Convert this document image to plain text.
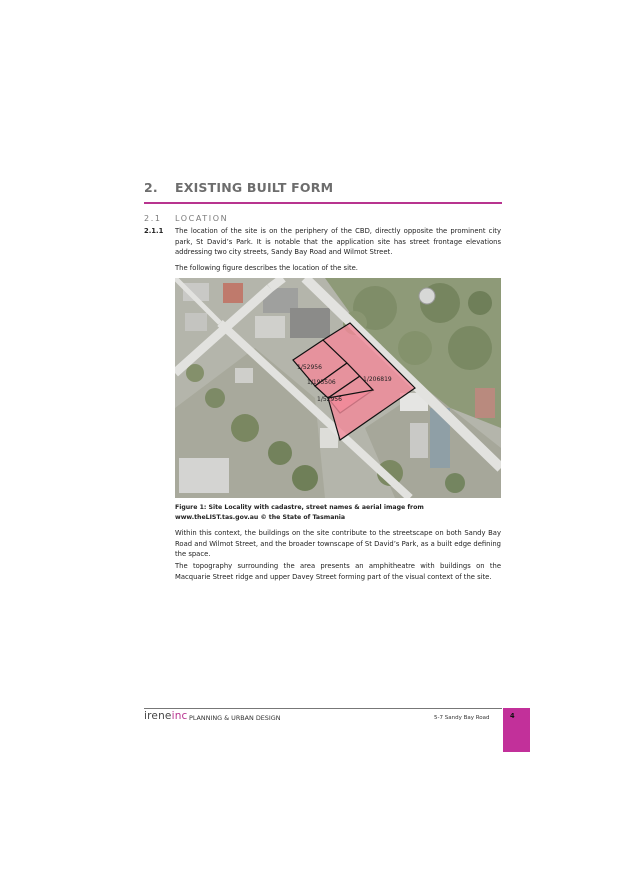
2. EXISTING BUILT FORM
2.1 LOCATION
2.1.1 The location of the site is on the periphery of the CBD, directly opposite the prominent city park, St David’s Park. It is notable that the application site has street frontage elevations addressing two city streets, Sandy Bay Road and Wilmot Street.
The following figure describes the location of the site.
1/52956
1/195506
1/52956
1/206819
Figure 1: Site Locality with cadastre, street names & aerial image from www.theLIST.tas.gov.au © the State of Tasmania
Within this context, the buildings on the site contribute to the streetscape on both Sandy Bay Road and Wilmot Street, and the broader townscape of St David’s Park, as a built edge defining the space.
The topography surrounding the area presents an amphitheatre with buildings on the Macquarie Street ridge and upper Davey Street forming part of the visual context of the site.
ireneinc PLANNING & URBAN DESIGN	5-7 Sandy Bay Road	4
